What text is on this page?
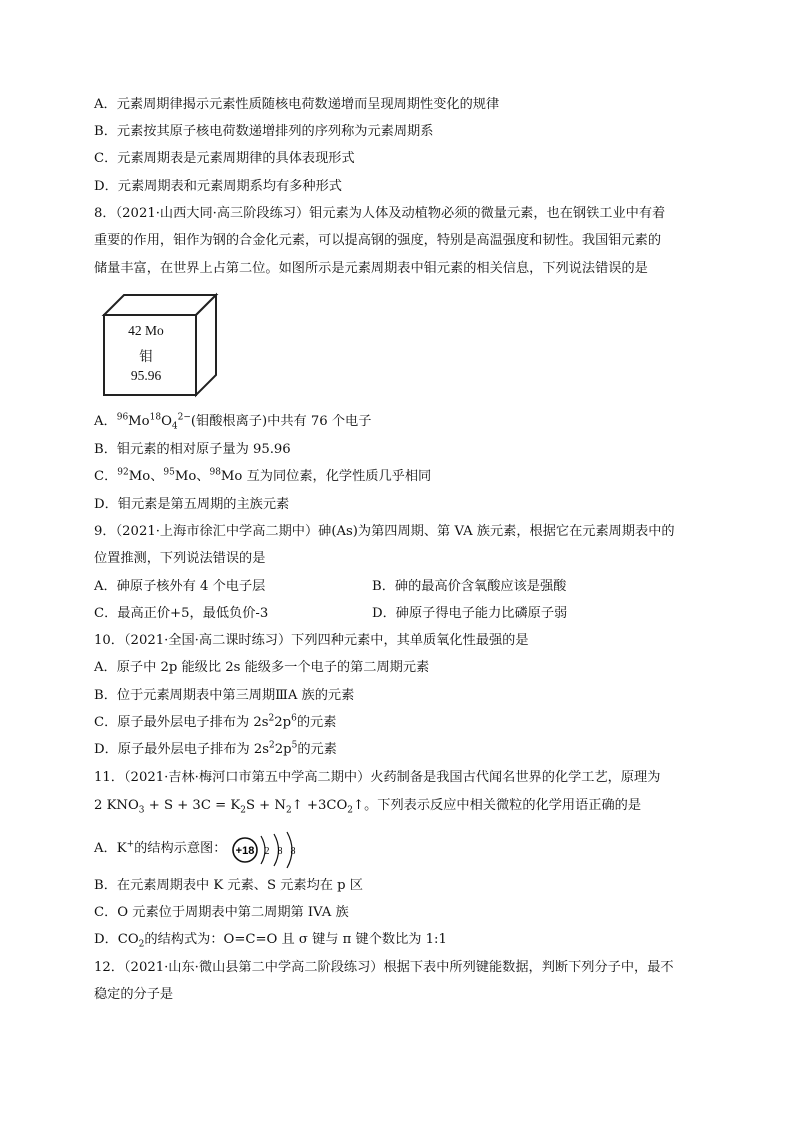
A．元素周期律揭示元素性质随核电荷数递增而呈现周期性变化的规律
B．元素按其原子核电荷数递增排列的序列称为元素周期系
C．元素周期表是元素周期律的具体表现形式
D．元素周期表和元素周期系均有多种形式
8．（2021·山西大同·高三阶段练习）钼元素为人体及动植物必须的微量元素，也在钢铁工业中有着
重要的作用，钼作为钢的合金化元素，可以提高钢的强度，特别是高温强度和韧性。我国钼元素的
储量丰富，在世界上占第二位。如图所示是元素周期表中钼元素的相关信息，下列说法错误的是
42 Mo
钼
95.96
A．$^{96}Mo^{18}O_4^{2-}$(钼酸根离子)中共有 76 个电子
B．钼元素的相对原子量为 95.96
C．$^{92}$Mo、$^{95}$Mo、$^{98}$Mo 互为同位素，化学性质几乎相同
D．钼元素是第五周期的主族元素
9．（2021·上海市徐汇中学高二期中）砷(As)为第四周期、第 VA 族元素，根据它在元素周期表中的
位置推测，下列说法错误的是
A．砷原子核外有 4 个电子层	B．砷的最高价含氧酸应该是强酸
C．最高正价+5，最低负价-3	D．砷原子得电子能力比磷原子弱
10．（2021·全国·高二课时练习）下列四种元素中，其单质氧化性最强的是
A．原子中 2p 能级比 2s 能级多一个电子的第二周期元素
B．位于元素周期表中第三周期ⅢA 族的元素
C．原子最外层电子排布为 $2s^22p^6$的元素
D．原子最外层电子排布为 $2s^22p^5$的元素
11．（2021·吉林·梅河口市第五中学高二期中）火药制备是我国古代闻名世界的化学工艺，原理为
2 $KNO_3 + S + 3C = K_2S$ + $N_2↑$ $+3CO_2↑$。下列表示反应中相关微粒的化学用语正确的是
A．K+的结构示意图： +18 2 8 8
B．在元素周期表中 K 元素、S 元素均在 p 区
C．O 元素位于周期表中第二周期第 IVA 族
D．$CO_2$的结构式为：O=C=O 且 σ 键与 π 键个数比为 1:1
12．（2021·山东·微山县第二中学高二阶段练习）根据下表中所列键能数据，判断下列分子中，最不
稳定的分子是
